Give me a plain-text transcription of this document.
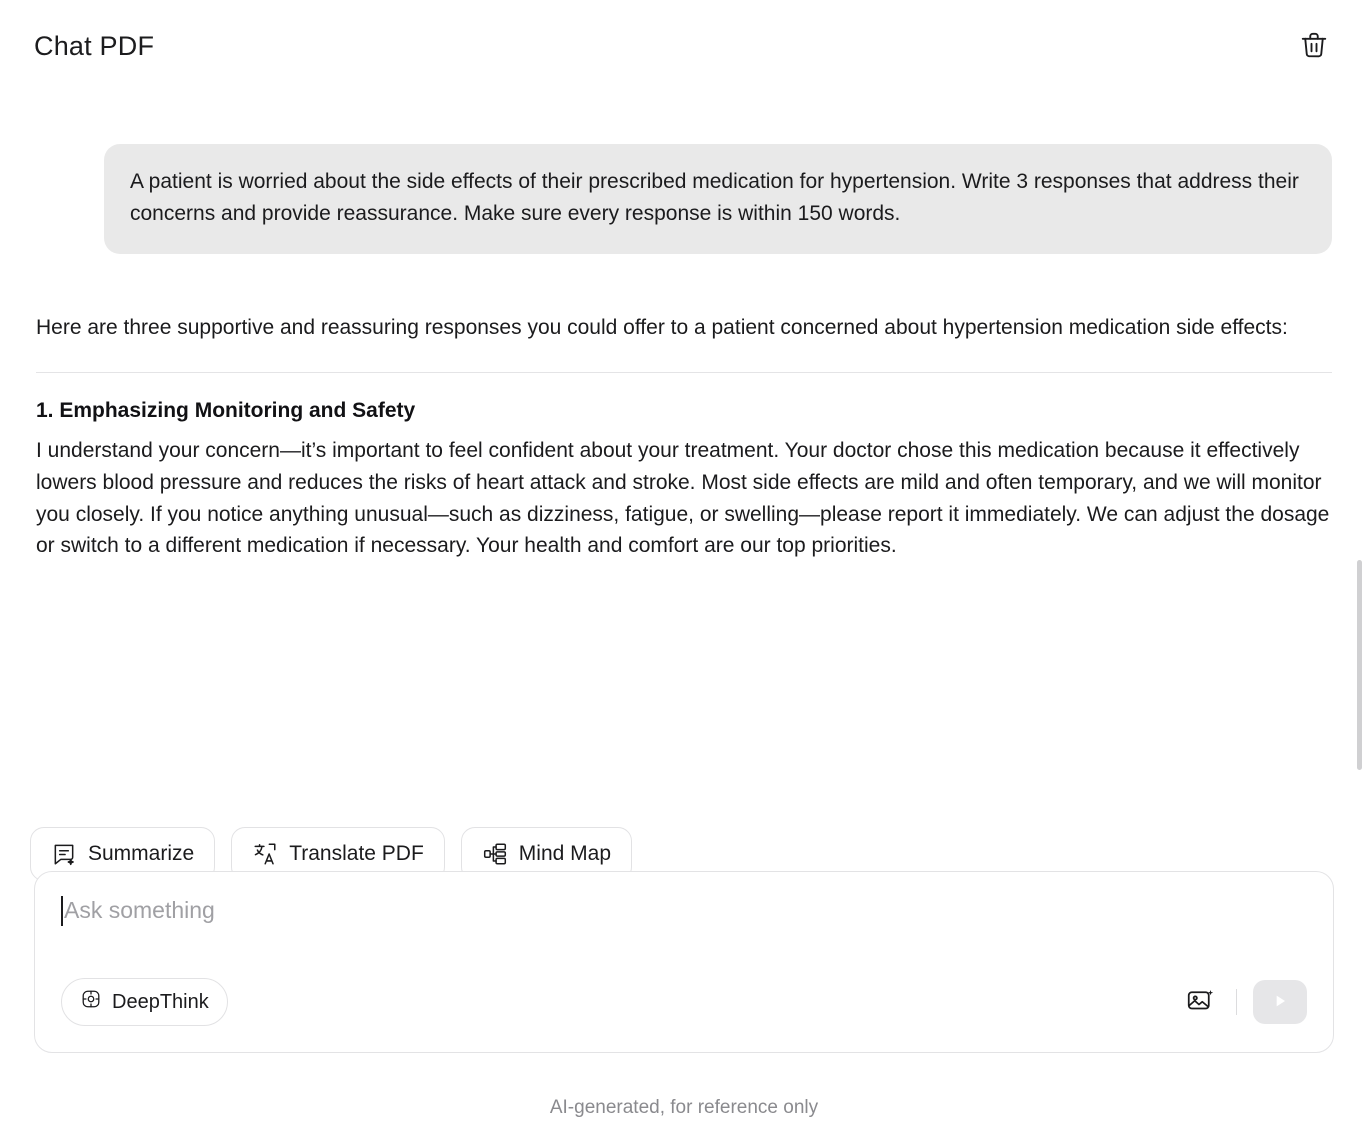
Chat PDF
A patient is worried about the side effects of their prescribed medication for hypertension. Write 3 responses that address their concerns and provide reassurance. Make sure every response is within 150 words.
Here are three supportive and reassuring responses you could offer to a patient concerned about hypertension medication side effects:
1. Emphasizing Monitoring and Safety
I understand your concern—it’s important to feel confident about your treatment. Your doctor chose this medication because it effectively lowers blood pressure and reduces the risks of heart attack and stroke. Most side effects are mild and often temporary, and we will monitor you closely. If you notice anything unusual—such as dizziness, fatigue, or swelling—please report it immediately. We can adjust the dosage or switch to a different medication if necessary. Your health and comfort are our top priorities.
Summarize	Translate PDF	Mind Map
Ask something
DeepThink
AI-generated, for reference only
